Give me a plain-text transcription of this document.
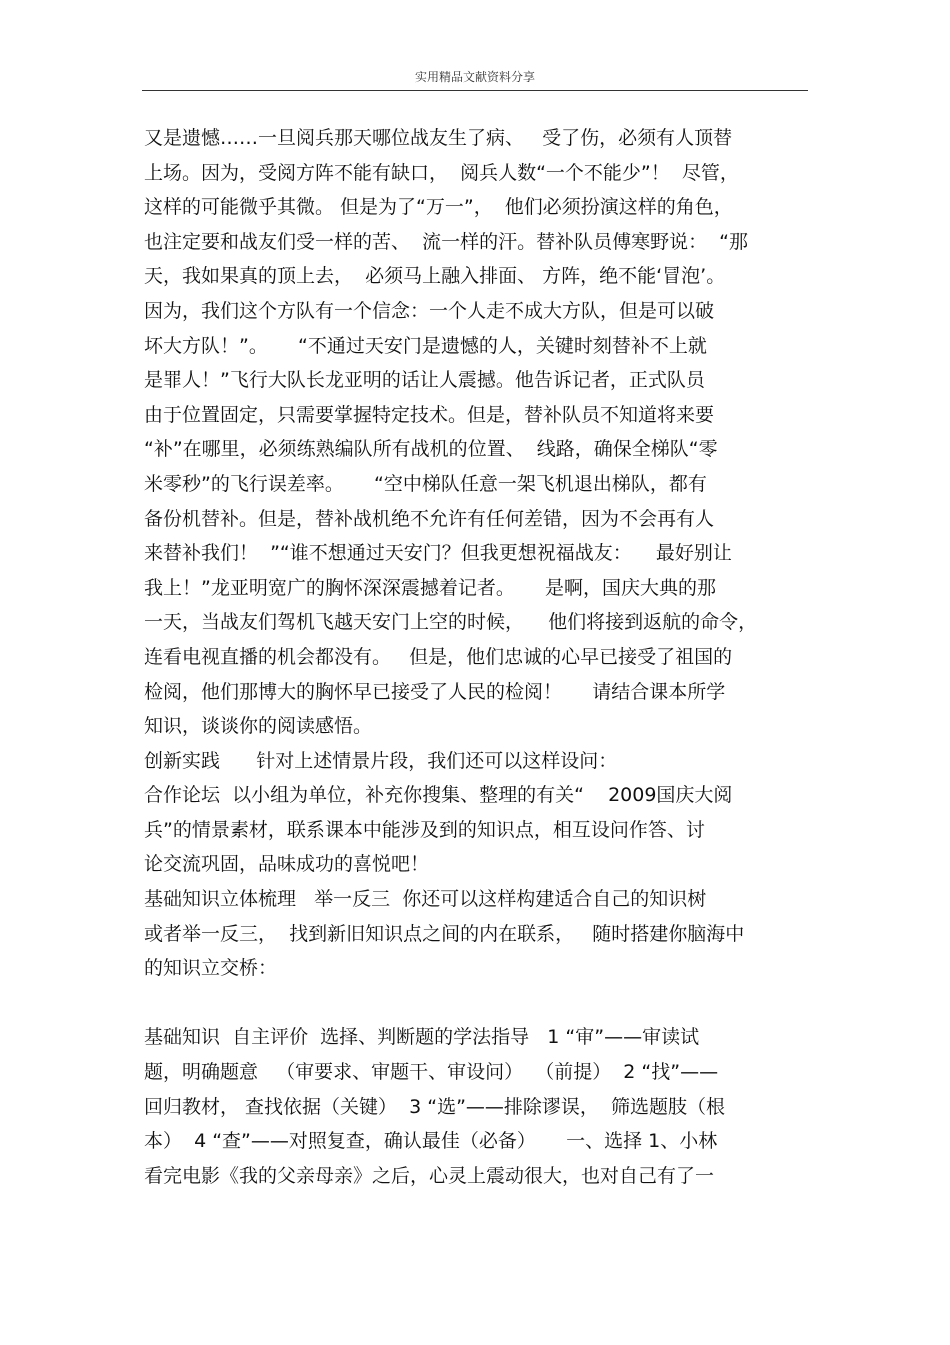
实用精品文献资料分享
又是遗憾……一旦阅兵那天哪位战友生了病、   受了伤，必须有人顶替
上场。因为，受阅方阵不能有缺口，  阅兵人数“一个不能少”！  尽管，
这样的可能微乎其微。 但是为了“万一”，  他们必须扮演这样的角色，
也注定要和战友们受一样的苦、  流一样的汗。替补队员傅寒野说：  “那
天，我如果真的顶上去，  必须马上融入排面、 方阵，绝不能‘冒泡’。
因为，我们这个方队有一个信念：一个人走不成大方队，但是可以破
坏大方队！”。     “不通过天安门是遗憾的人，关键时刻替补不上就
是罪人！”飞行大队长龙亚明的话让人震撼。他告诉记者，正式队员
由于位置固定，只需要掌握特定技术。但是，替补队员不知道将来要
“补”在哪里，必须练熟编队所有战机的位置、  线路，确保全梯队“零
米零秒”的飞行误差率。     “空中梯队任意一架飞机退出梯队，都有
备份机替补。但是，替补战机绝不允许有任何差错，因为不会再有人
来替补我们！  ”“谁不想通过天安门？但我更想祝福战友：    最好别让
我上！”龙亚明宽广的胸怀深深震撼着记者。     是啊，国庆大典的那
一天，当战友们驾机飞越天安门上空的时候，    他们将接到返航的命令，
连看电视直播的机会都没有。   但是，他们忠诚的心早已接受了祖国的
检阅，他们那博大的胸怀早已接受了人民的检阅！     请结合课本所学
知识，谈谈你的阅读感悟。
创新实践      针对上述情景片段，我们还可以这样设问：
合作论坛  以小组为单位，补充你搜集、整理的有关“    2009国庆大阅
兵”的情景素材，联系课本中能涉及到的知识点，相互设问作答、讨
论交流巩固，品味成功的喜悦吧！
基础知识立体梳理   举一反三  你还可以这样构建适合自己的知识树
或者举一反三，  找到新旧知识点之间的内在联系，   随时搭建你脑海中
的知识立交桥：
基础知识  自主评价  选择、判断题的学法指导   1 “审”——审读试
题，明确题意   （审要求、审题干、审设问）  （前提）  2 “找”——
回归教材， 查找依据（关键）  3 “选”——排除谬误，  筛选题肢（根
本）  4 “查”——对照复查，确认最佳（必备）     一、选择 1、小林
看完电影《我的父亲母亲》之后，心灵上震动很大，也对自己有了一
